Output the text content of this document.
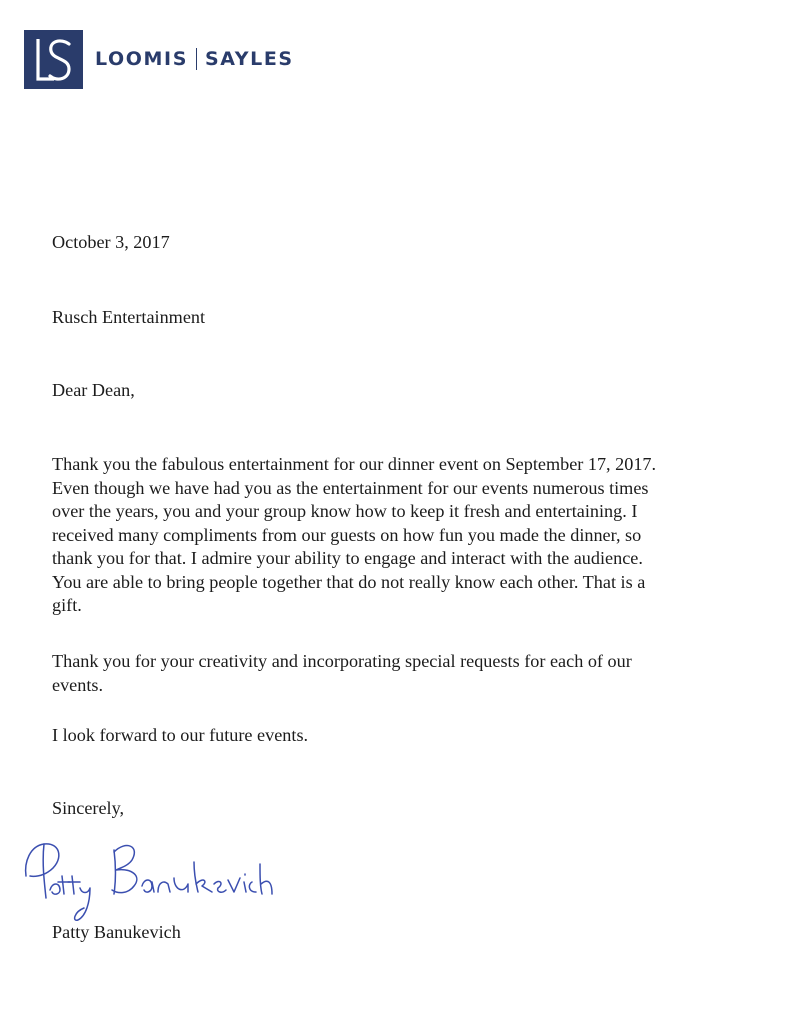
LOOMIS SAYLES
October 3, 2017
Rusch Entertainment
Dear Dean,
Thank you the fabulous entertainment for our dinner event on September 17, 2017.
Even though we have had you as the entertainment for our events numerous times
over the years, you and your group know how to keep it fresh and entertaining. I
received many compliments from our guests on how fun you made the dinner, so
thank you for that. I admire your ability to engage and interact with the audience.
You are able to bring people together that do not really know each other. That is a
gift.
Thank you for your creativity and incorporating special requests for each of our
events.
I look forward to our future events.
Sincerely,
Patty Banukevich
